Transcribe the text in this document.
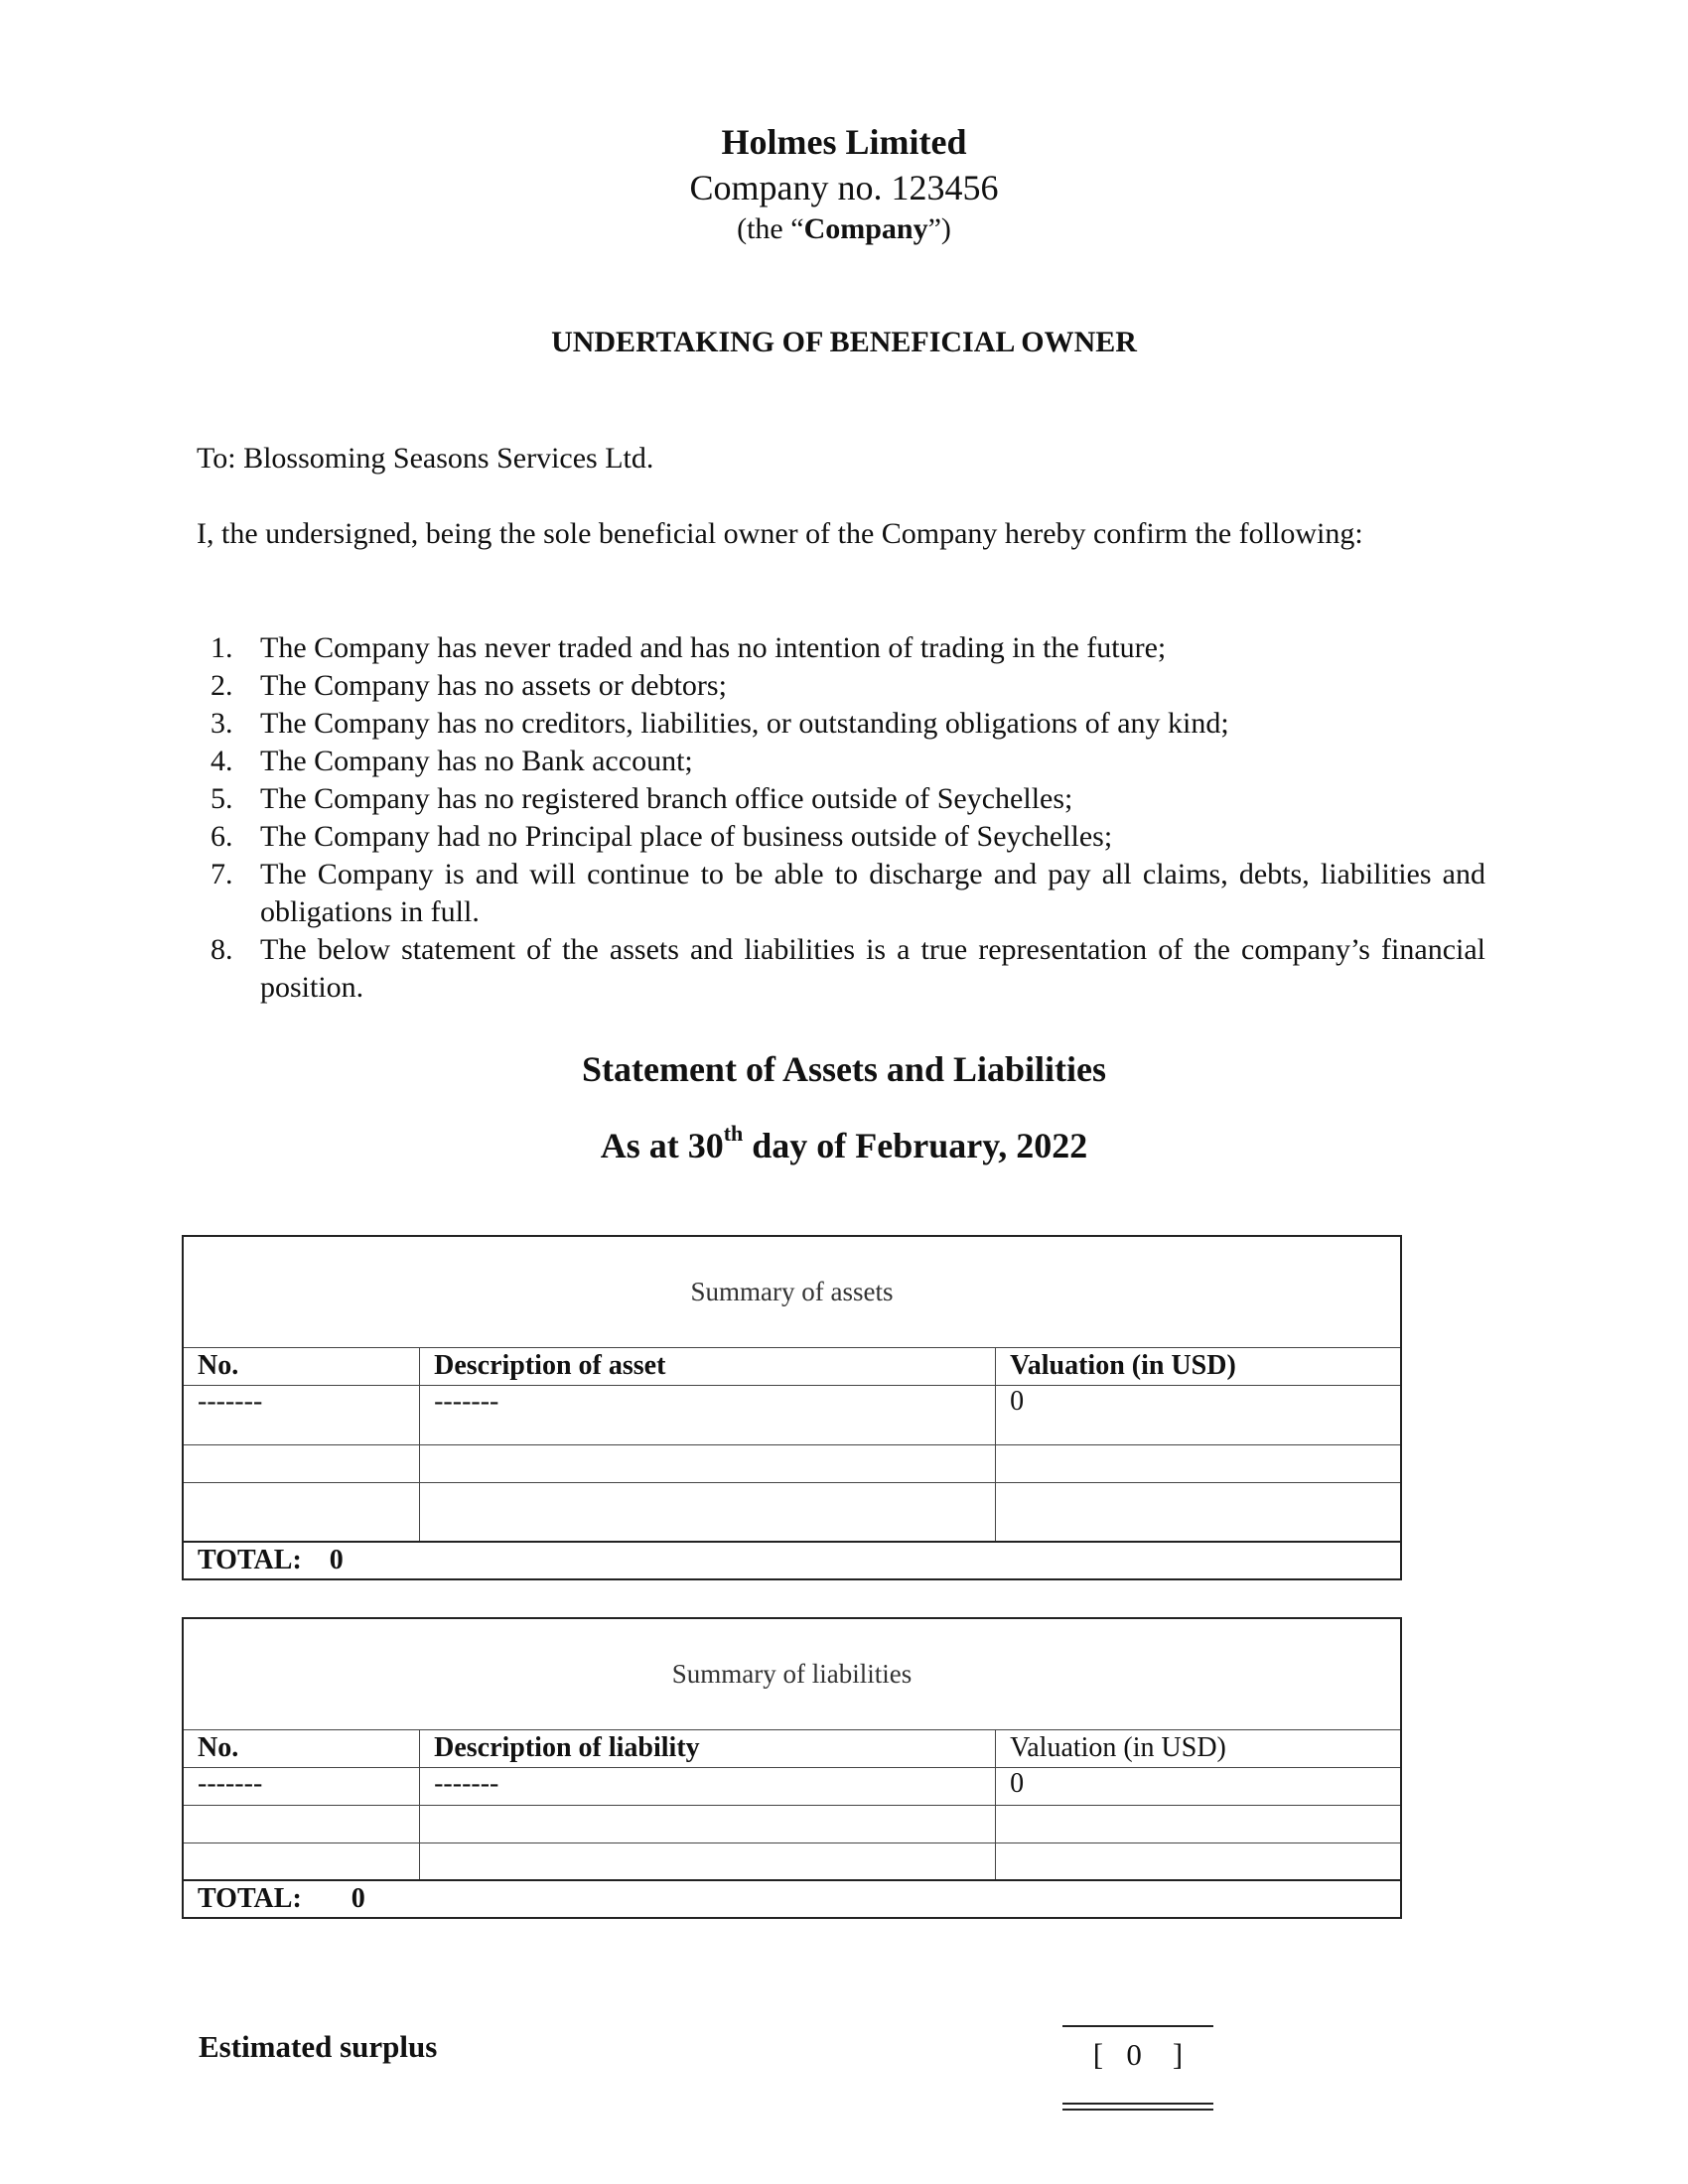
Holmes Limited
Company no. 123456
(the “Company”)
UNDERTAKING OF BENEFICIAL OWNER
To: Blossoming Seasons Services Ltd.
I, the undersigned, being the sole beneficial owner of the Company hereby confirm the following:
1. The Company has never traded and has no intention of trading in the future;
2. The Company has no assets or debtors;
3. The Company has no creditors, liabilities, or outstanding obligations of any kind;
4. The Company has no Bank account;
5. The Company has no registered branch office outside of Seychelles;
6. The Company had no Principal place of business outside of Seychelles;
7. The Company is and will continue to be able to discharge and pay all claims, debts, liabilities and obligations in full.
8. The below statement of the assets and liabilities is a true representation of the company’s financial position.
Statement of Assets and Liabilities
As at 30th day of February, 2022
Summary of assets		
No.	Description of asset	Valuation (in USD)
-------	-------	0

TOTAL: 0		
Summary of liabilities		
No.	Description of liability	Valuation (in USD)
-------	-------	0

TOTAL: 0		
Estimated surplus	[   0    ]
